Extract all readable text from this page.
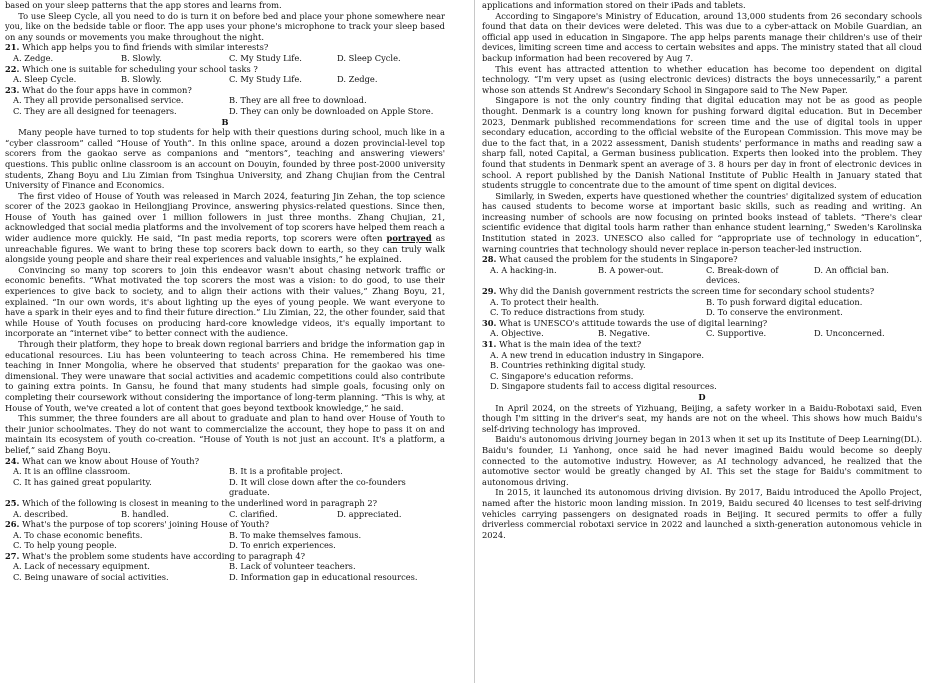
based on your sleep patterns that the app stores and learns from.

To use Sleep Cycle, all you need to do is turn it on before bed and place your phone somewhere near you, like on the bedside table or floor. The app uses your phone's microphone to track your sleep based on any sounds or movements you make throughout the night.

21. Which app helps you to find friends with similar interests?

A. Zedge.	B. Slowly.	C. My Study Life.	D. Sleep Cycle.

22. Which one is suitable for scheduling your school tasks ?

A. Sleep Cycle.	B. Slowly.	C. My Study Life.	D. Zedge.

23. What do the four apps have in common?

A. They all provide personalised service.	B. They are all free to download.
C. They are all designed for teenagers.	D. They can only be downloaded on Apple Store.

B

Many people have turned to top students for help with their questions during school, much like in a “cyber classroom” called “House of Youth”. In this online space, around a dozen provincial-level top scorers from the gaokao serve as companions and “mentors”, teaching and answering viewers' questions. This public online classroom is an account on Douyin, founded by three post-2000 university students, Zhang Boyu and Liu Zimian from Tsinghua University, and Zhang Chujian from the Central University of Finance and Economics.

The first video of House of Youth was released in March 2024, featuring Jin Zehan, the top science scorer of the 2023 gaokao in Heilongjiang Province, answering physics-related questions. Since then, House of Youth has gained over 1 million followers in just three months. Zhang Chujian, 21, acknowledged that social media platforms and the involvement of top scorers have helped them reach a wider audience more quickly. He said, “In past media reports, top scorers were often portrayed as unreachable figures. We want to bring these top scorers back down to earth, so they can truly walk alongside young people and share their real experiences and valuable insights,” he explained.

Convincing so many top scorers to join this endeavor wasn't about chasing network traffic or economic benefits. “What motivated the top scorers the most was a vision: to do good, to use their experiences to give back to society, and to align their actions with their values,” Zhang Boyu, 21, explained. “In our own words, it's about lighting up the eyes of young people. We want everyone to have a spark in their eyes and to find their future direction.” Liu Zimian, 22, the other founder, said that while House of Youth focuses on producing hard-core knowledge videos, it's equally important to incorporate an “internet vibe” to better connect with the audience.

Through their platform, they hope to break down regional barriers and bridge the information gap in educational resources. Liu has been volunteering to teach across China. He remembered his time teaching in Inner Mongolia, where he observed that students' preparation for the gaokao was one-dimensional. They were unaware that social activities and academic competitions could also contribute to gaining extra points. In Gansu, he found that many students had simple goals, focusing only on completing their coursework without considering the importance of long-term planning. “This is why, at House of Youth, we've created a lot of content that goes beyond textbook knowledge,” he said.

This summer, the three founders are all about to graduate and plan to hand over House of Youth to their junior schoolmates. They do not want to commercialize the account, they hope to pass it on and maintain its ecosystem of youth co-creation. “House of Youth is not just an account. It's a platform, a belief,” said Zhang Boyu.

24. What can we know about House of Youth?

A. It is an offline classroom.	B. It is a profitable project.
C. It has gained great popularity.	D. It will close down after the co-founders graduate.

25. Which of the following is closest in meaning to the underlined word in paragraph 2?

A. described.	B. handled.	C. clarified.	D. appreciated.

26. What's the purpose of top scorers' joining House of Youth?

A. To chase economic benefits.	B. To make themselves famous.
C. To help young people.	D. To enrich experiences.

27. What's the problem some students have according to paragraph 4?

A. Lack of necessary equipment.	B. Lack of volunteer teachers.
C. Being unaware of social activities.	D. Information gap in educational resources.

applications and information stored on their iPads and tablets.

According to Singapore's Ministry of Education, around 13,000 students from 26 secondary schools found that data on their devices were deleted. This was due to a cyber-attack on Mobile Guardian, an official app used in education in Singapore. The app helps parents manage their children's use of their devices, limiting screen time and access to certain websites and apps. The ministry stated that all cloud backup information had been recovered by Aug 7.

This event has attracted attention to whether education has become too dependent on digital technology. “I'm very upset as (using electronic devices) distracts the boys unnecessarily,” a parent whose son attends St Andrew's Secondary School in Singapore said to The New Paper.

Singapore is not the only country finding that digital education may not be as good as people thought. Denmark is a country long known for pushing forward digital education. But in December 2023, Denmark published recommendations for screen time and the use of digital tools in upper secondary education, according to the official website of the European Commission. This move may be due to the fact that, in a 2022 assessment, Danish students' performance in maths and reading saw a sharp fall, noted Capital, a German business publication. Experts then looked into the problem. They found that students in Denmark spent an average of 3. 8 hours per day in front of electronic devices in school. A report published by the Danish National Institute of Public Health in January stated that students struggle to concentrate due to the amount of time spent on digital devices.

Similarly, in Sweden, experts have questioned whether the countries' digitalized system of education has caused students to become worse at important basic skills, such as reading and writing. An increasing number of schools are now focusing on printed books instead of tablets. “There's clear scientific evidence that digital tools harm rather than enhance student learning,” Sweden's Karolinska Institution stated in 2023. UNESCO also called for “appropriate use of technology in education”, warning countries that technology should never replace in-person teacher-led instruction.

28. What caused the problem for the students in Singapore?

A. A hacking-in.	B. A power-out.	C. Break-down of devices.
D. An official ban.

29. Why did the Danish government restricts the screen time for secondary school students?

A. To protect their health.	B. To push forward digital education.
C. To reduce distractions from study.	D. To conserve the environment.

30. What is UNESCO's attitude towards the use of digital learning?

A. Objective.	B. Negative.	C. Supportive.	D. Unconcerned.

31. What is the main idea of the text?

A. A new trend in education industry in Singapore.
B. Countries rethinking digital study.
C. Singapore's education reforms.
D. Singapore students fail to access digital resources.

D

In April 2024, on the streets of Yizhuang, Beijing, a safety worker in a Baidu-Robotaxi said, Even though I'm sitting in the driver's seat, my hands are not on the wheel. This shows how much Baidu's self-driving technology has improved.

Baidu's autonomous driving journey began in 2013 when it set up its Institute of Deep Learning(DL). Baidu's founder, Li Yanhong, once said he had never imagined Baidu would become so deeply connected to the automotive industry. However, as AI technology advanced, he realized that the automotive sector would be greatly changed by AI. This set the stage for Baidu's commitment to autonomous driving.

In 2015, it launched its autonomous driving division. By 2017, Baidu introduced the Apollo Project, named after the historic moon landing mission. In 2019, Baidu secured 40 licenses to test self-driving vehicles carrying passengers on designated roads in Beijing. It secured permits to offer a fully driverless commercial robotaxi service in 2022 and launched a sixth-generation autonomous vehicle in 2024.
